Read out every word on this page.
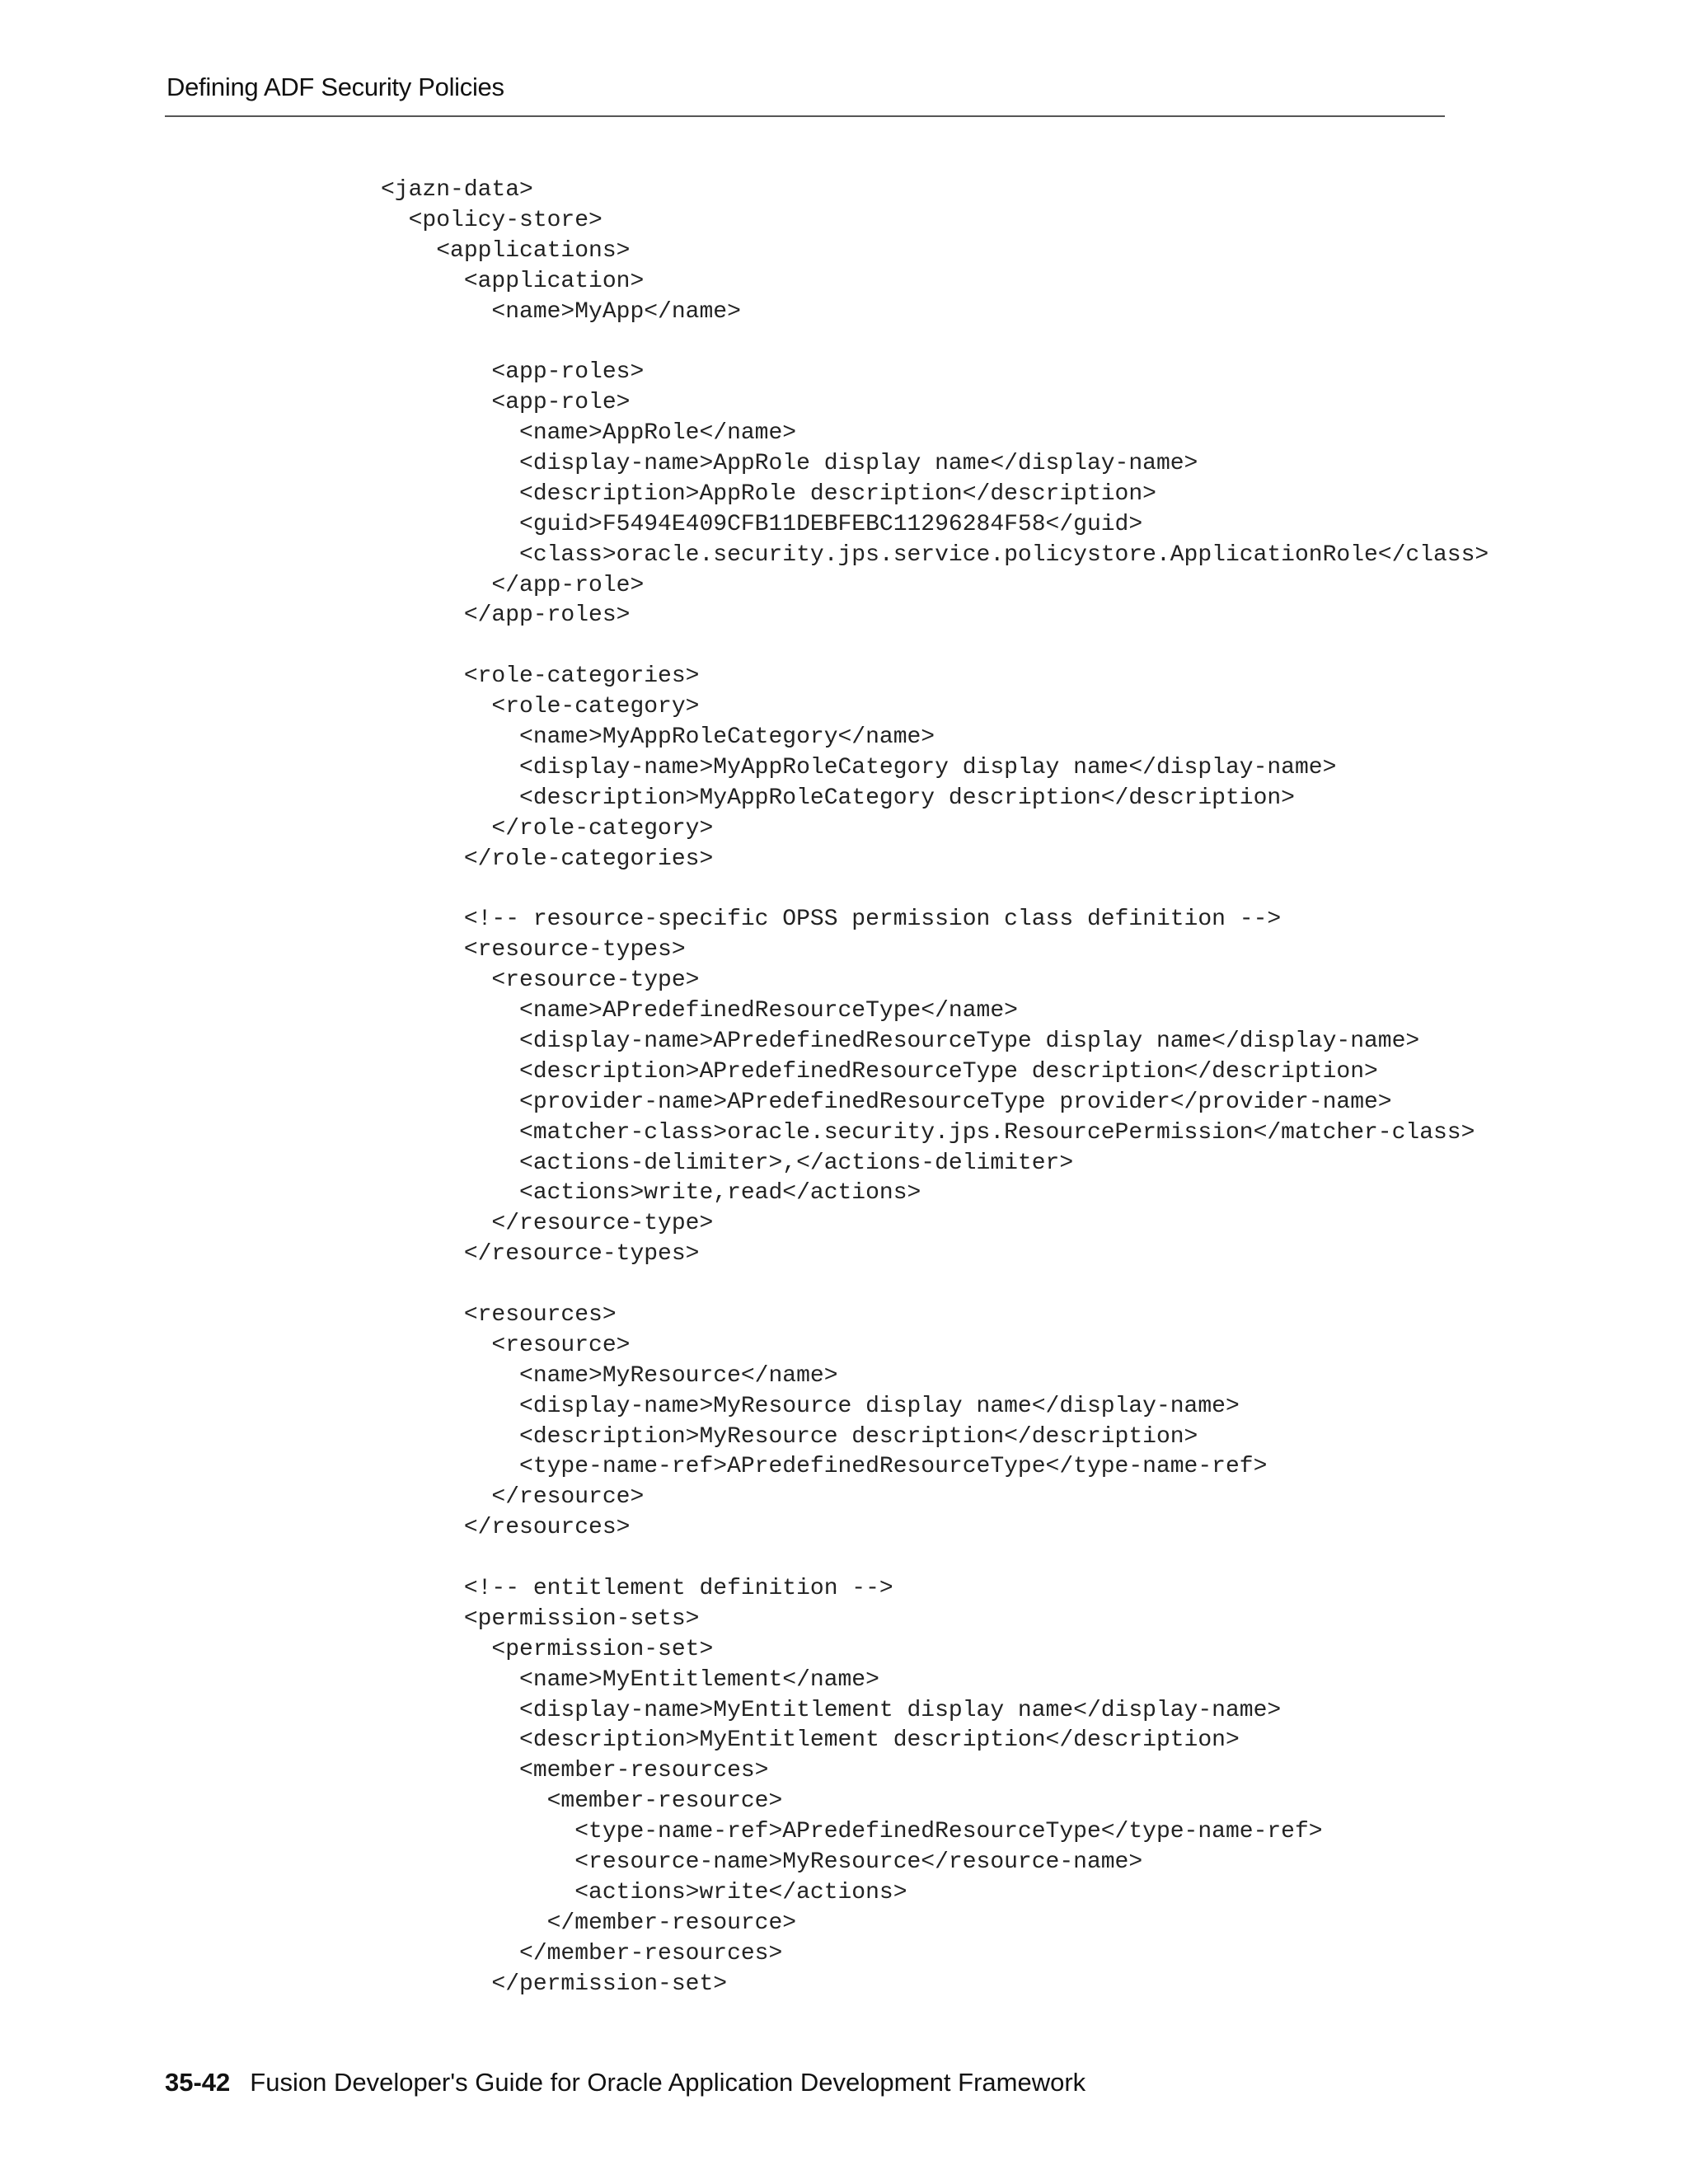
Defining ADF Security Policies
<jazn-data>
<policy-store>
<applications>
<application>
<name>MyApp</name>
<app-roles>
<app-role>
<name>AppRole</name>
<display-name>AppRole display name</display-name>
<description>AppRole description</description>
<guid>F5494E409CFB11DEBFEBC11296284F58</guid>
<class>oracle.security.jps.service.policystore.ApplicationRole</class>
</app-role>
</app-roles>
<role-categories>
<role-category>
<name>MyAppRoleCategory</name>
<display-name>MyAppRoleCategory display name</display-name>
<description>MyAppRoleCategory description</description>
</role-category>
</role-categories>
<!-- resource-specific OPSS permission class definition -->
<resource-types>
<resource-type>
<name>APredefinedResourceType</name>
<display-name>APredefinedResourceType display name</display-name>
<description>APredefinedResourceType description</description>
<provider-name>APredefinedResourceType provider</provider-name>
<matcher-class>oracle.security.jps.ResourcePermission</matcher-class>
<actions-delimiter>,</actions-delimiter>
<actions>write,read</actions>
</resource-type>
</resource-types>
<resources>
<resource>
<name>MyResource</name>
<display-name>MyResource display name</display-name>
<description>MyResource description</description>
<type-name-ref>APredefinedResourceType</type-name-ref>
</resource>
</resources>
<!-- entitlement definition -->
<permission-sets>
<permission-set>
<name>MyEntitlement</name>
<display-name>MyEntitlement display name</display-name>
<description>MyEntitlement description</description>
<member-resources>
<member-resource>
<type-name-ref>APredefinedResourceType</type-name-ref>
<resource-name>MyResource</resource-name>
<actions>write</actions>
</member-resource>
</member-resources>
</permission-set>
35-42 Fusion Developer's Guide for Oracle Application Development Framework
